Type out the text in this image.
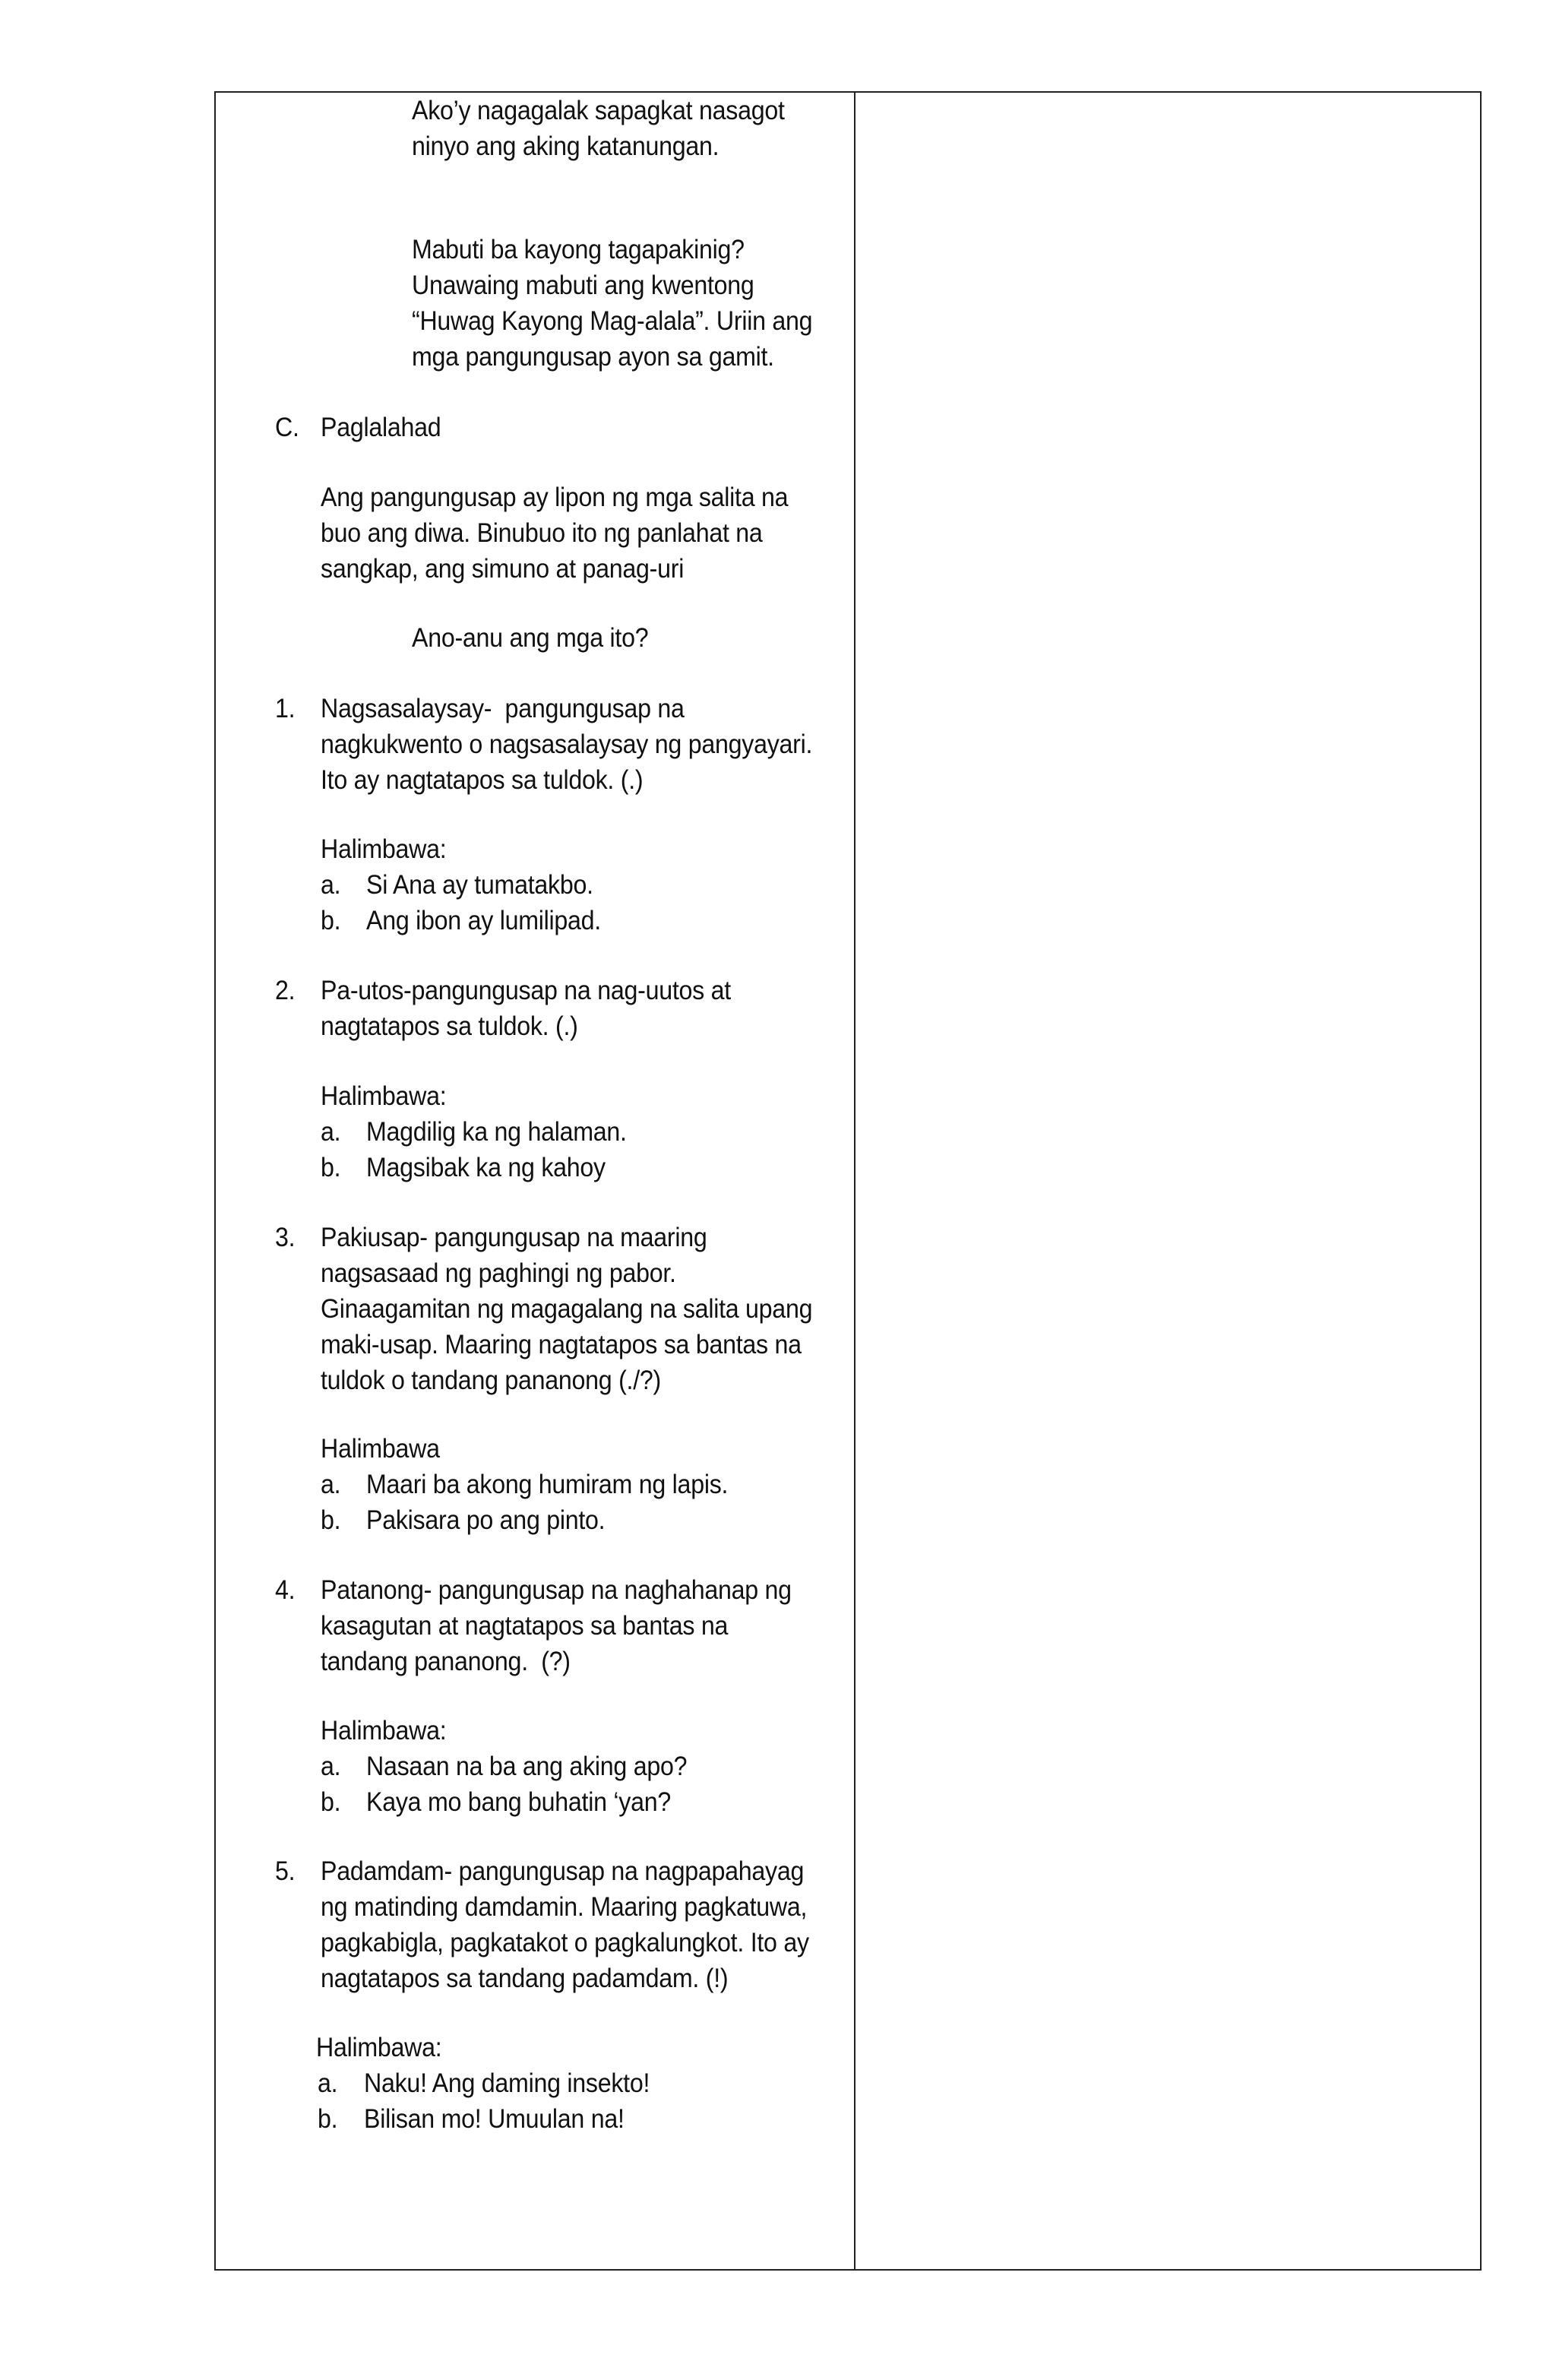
Ako’y nagagalak sapagkat nasagot
ninyo ang aking katanungan.
Mabuti ba kayong tagapakinig?
Unawaing mabuti ang kwentong
“Huwag Kayong Mag-alala”. Uriin ang
mga pangungusap ayon sa gamit.
C. Paglalahad
Ang pangungusap ay lipon ng mga salita na
buo ang diwa. Binubuo ito ng panlahat na
sangkap, ang simuno at panag-uri
Ano-anu ang mga ito?
1. Nagsasalaysay-  pangungusap na
nagkukwento o nagsasalaysay ng pangyayari.
Ito ay nagtatapos sa tuldok. (.)
Halimbawa:
a. Si Ana ay tumatakbo.
b. Ang ibon ay lumilipad.
2. Pa-utos-pangungusap na nag-uutos at
nagtatapos sa tuldok. (.)
Halimbawa:
a. Magdilig ka ng halaman.
b. Magsibak ka ng kahoy
3. Pakiusap- pangungusap na maaring
nagsasaad ng paghingi ng pabor.
Ginaagamitan ng magagalang na salita upang
maki-usap. Maaring nagtatapos sa bantas na
tuldok o tandang pananong (./?)
Halimbawa
a. Maari ba akong humiram ng lapis.
b. Pakisara po ang pinto.
4. Patanong- pangungusap na naghahanap ng
kasagutan at nagtatapos sa bantas na
tandang pananong.  (?)
Halimbawa:
a. Nasaan na ba ang aking apo?
b. Kaya mo bang buhatin ‘yan?
5. Padamdam- pangungusap na nagpapahayag
ng matinding damdamin. Maaring pagkatuwa,
pagkabigla, pagkatakot o pagkalungkot. Ito ay
nagtatapos sa tandang padamdam. (!)
Halimbawa:
a. Naku! Ang daming insekto!
b. Bilisan mo! Umuulan na!
